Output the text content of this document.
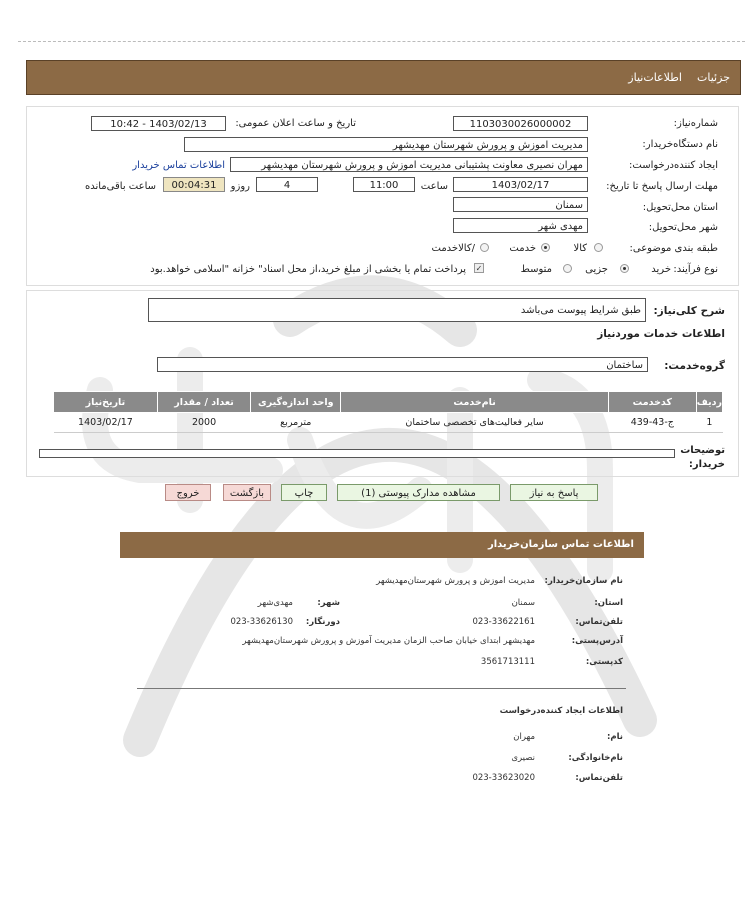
جزئیات
اطلاعات‌نیاز
شماره‌نیاز:
1103030026000002
تاریخ و ساعت اعلان عمومی:
1403/02/13 - 10:42
نام دستگاه‌خریدار:
مدیریت اموزش و پرورش شهرستان مهدیشهر
ایجاد کننده‌درخواست:
مهران نصیری معاونت پشتیبانی مدیریت اموزش و پرورش شهرستان مهدیشهر
اطلاعات تماس خریدار
مهلت ارسال پاسخ تا تاریخ:
1403/02/17
ساعت
11:00
4
روزو
00:04:31
ساعت باقی‌مانده
استان محل‌تحویل:
سمنان
شهر محل‌تحویل:
مهدی شهر
طبقه بندی موضوعی:
کالا
خدمت
/کالاخدمت
نوع فرآیند:
خرید
جزیی
متوسط
✓
پرداخت تمام یا بخشی از مبلغ خرید،از محل اسناد" خزانه "اسلامی خواهد.بود
شرح کلی‌نیاز:
طبق شرایط پیوست می‌باشد
اطلاعات خدمات موردنیاز
گروه‌خدمت:
ساختمان
ردیف	کدخدمت	نام‌خدمت	واحد اندازه‌گیری	تعداد / مقدار	تاریخ‌نیاز
1	ج-43-439	سایر فعالیت‌های تخصصی ساختمان	مترمربع	2000	1403/02/17
توضیحات خریدار:
پاسخ به نیاز
مشاهده مدارک پیوستی (1)
چاپ
بازگشت
خروج
اطلاعات تماس سازمان‌خریدار
نام سازمان‌خریدار:
مدیریت اموزش و پرورش شهرستان‌مهدیشهر
استان:
سمنان
شهر:
مهدی‌شهر
تلفن‌تماس:
023-33622161
دورنگار:
023-33626130
آدرس‌پستی:
مهدیشهر ابتدای خیابان صاحب الزمان مدیریت آموزش و پرورش شهرستان‌مهدیشهر
کدپستی:
3561713111
اطلاعات ایجاد کننده‌درخواست
نام:
مهران
نام‌خانوادگی:
نصیری
تلفن‌تماس:
023-33623020
